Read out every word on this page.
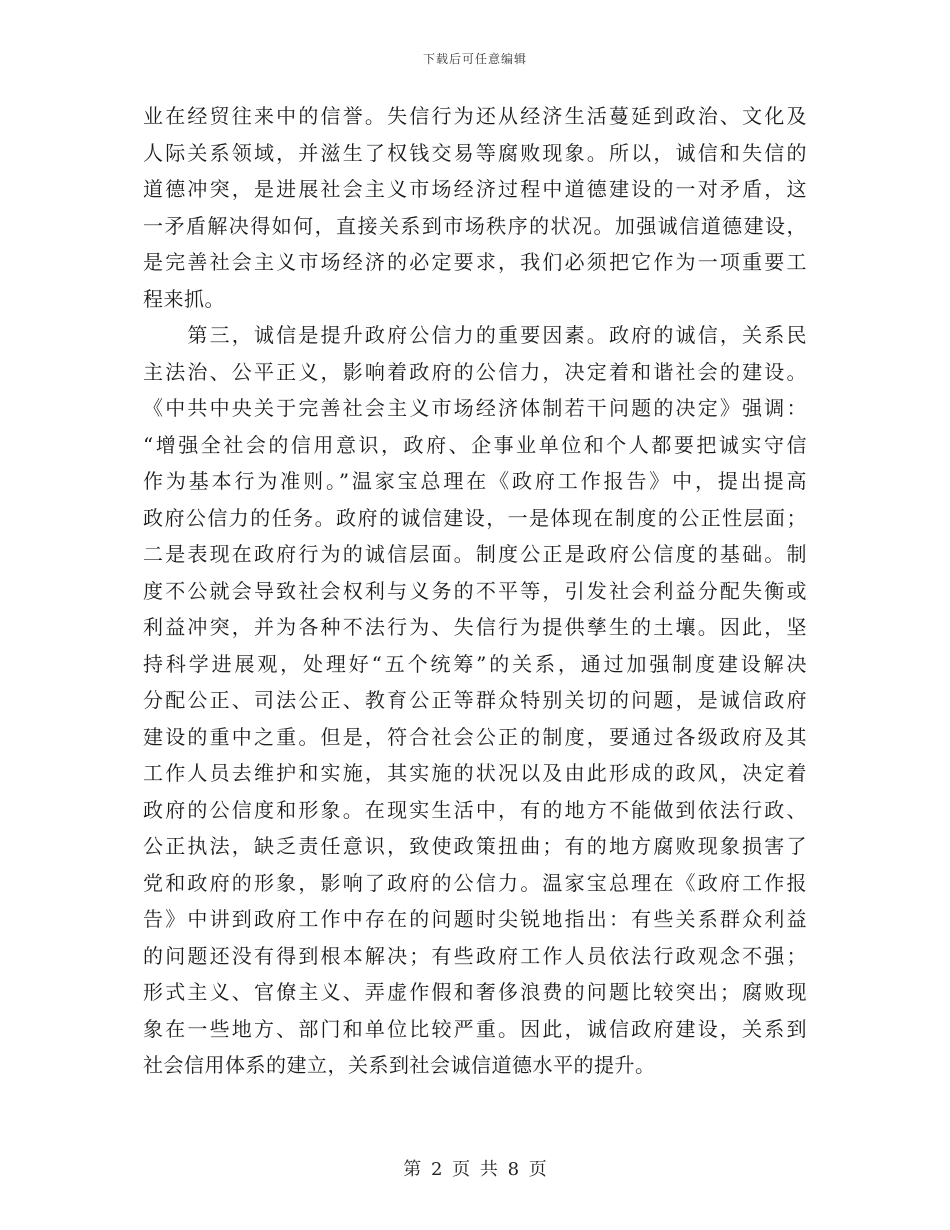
下载后可任意编辑
业在经贸往来中的信誉。失信行为还从经济生活蔓延到政治、文化及
人际关系领域，并滋生了权钱交易等腐败现象。所以，诚信和失信的
道德冲突，是进展社会主义市场经济过程中道德建设的一对矛盾，这
一矛盾解决得如何，直接关系到市场秩序的状况。加强诚信道德建设，
是完善社会主义市场经济的必定要求，我们必须把它作为一项重要工
程来抓。
　　第三，诚信是提升政府公信力的重要因素。政府的诚信，关系民
主法治、公平正义，影响着政府的公信力，决定着和谐社会的建设。
《中共中央关于完善社会主义市场经济体制若干问题的决定》强调：
“增强全社会的信用意识，政府、企事业单位和个人都要把诚实守信
作为基本行为准则。”温家宝总理在《政府工作报告》中，提出提高
政府公信力的任务。政府的诚信建设，一是体现在制度的公正性层面；
二是表现在政府行为的诚信层面。制度公正是政府公信度的基础。制
度不公就会导致社会权利与义务的不平等，引发社会利益分配失衡或
利益冲突，并为各种不法行为、失信行为提供孳生的土壤。因此，坚
持科学进展观，处理好“五个统筹”的关系，通过加强制度建设解决
分配公正、司法公正、教育公正等群众特别关切的问题，是诚信政府
建设的重中之重。但是，符合社会公正的制度，要通过各级政府及其
工作人员去维护和实施，其实施的状况以及由此形成的政风，决定着
政府的公信度和形象。在现实生活中，有的地方不能做到依法行政、
公正执法，缺乏责任意识，致使政策扭曲；有的地方腐败现象损害了
党和政府的形象，影响了政府的公信力。温家宝总理在《政府工作报
告》中讲到政府工作中存在的问题时尖锐地指出：有些关系群众利益
的问题还没有得到根本解决；有些政府工作人员依法行政观念不强；
形式主义、官僚主义、弄虚作假和奢侈浪费的问题比较突出；腐败现
象在一些地方、部门和单位比较严重。因此，诚信政府建设，关系到
社会信用体系的建立，关系到社会诚信道德水平的提升。
第 2 页 共 8 页
